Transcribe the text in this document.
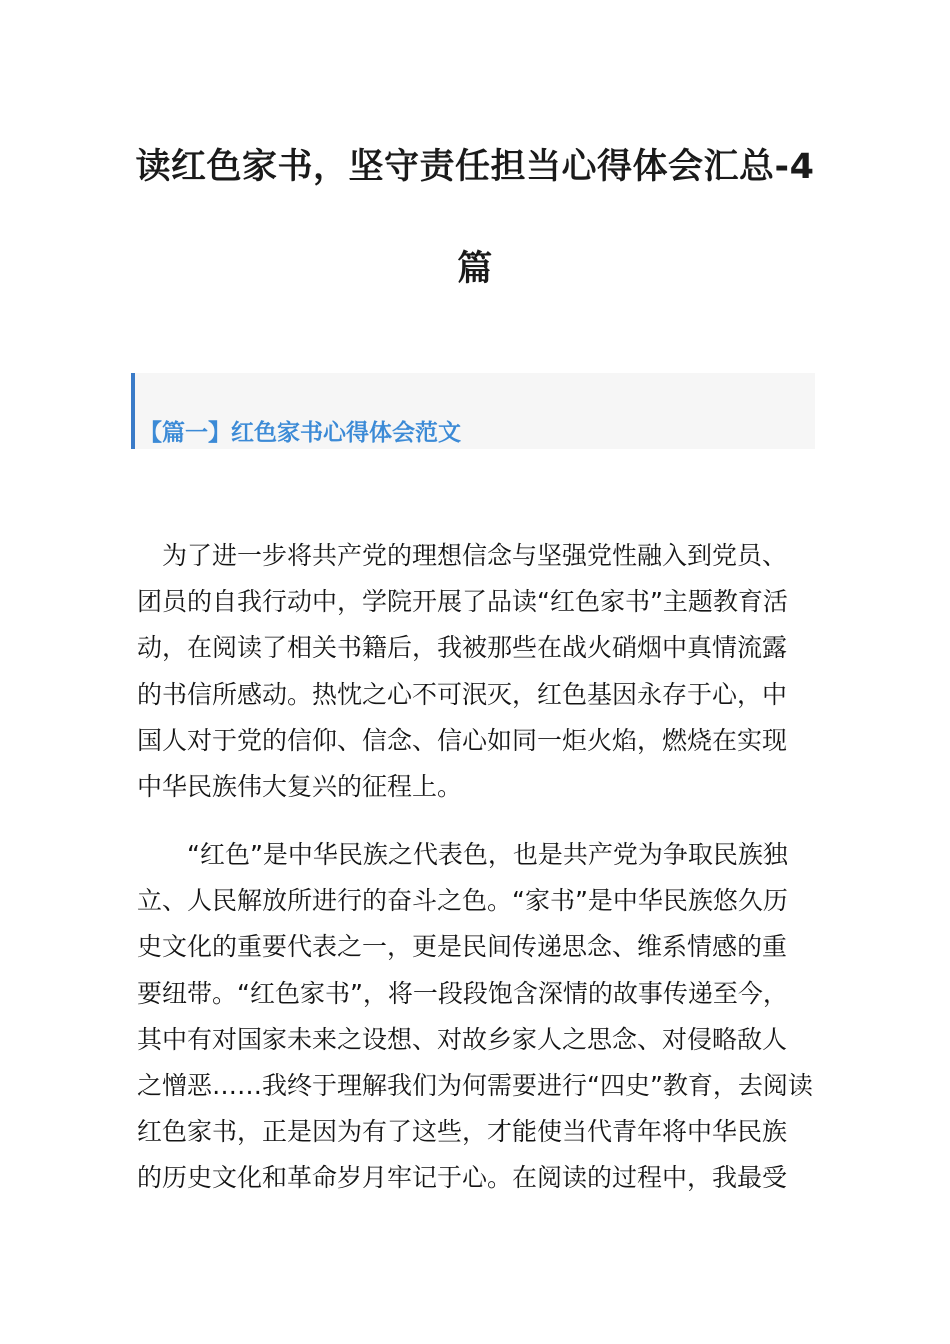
读红色家书，坚守责任担当心得体会汇总-4
篇
【篇一】红色家书心得体会范文
　为了进一步将共产党的理想信念与坚强党性融入到党员、
团员的自我行动中，学院开展了品读“红色家书”主题教育活
动，在阅读了相关书籍后，我被那些在战火硝烟中真情流露
的书信所感动。热忱之心不可泯灭，红色基因永存于心，中
国人对于党的信仰、信念、信心如同一炬火焰，燃烧在实现
中华民族伟大复兴的征程上。
　　“红色”是中华民族之代表色，也是共产党为争取民族独
立、人民解放所进行的奋斗之色。“家书”是中华民族悠久历
史文化的重要代表之一，更是民间传递思念、维系情感的重
要纽带。“红色家书”，将一段段饱含深情的故事传递至今，
其中有对国家未来之设想、对故乡家人之思念、对侵略敌人
之憎恶……我终于理解我们为何需要进行“四史”教育，去阅读
红色家书，正是因为有了这些，才能使当代青年将中华民族
的历史文化和革命岁月牢记于心。在阅读的过程中，我最受
